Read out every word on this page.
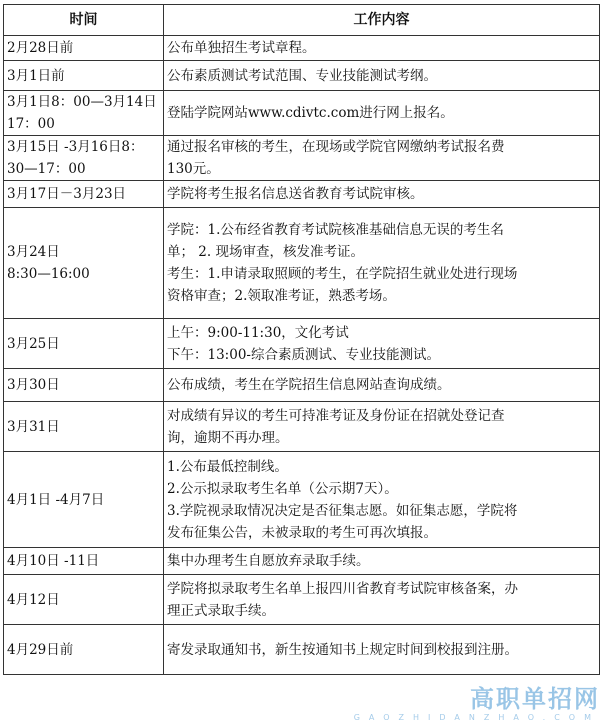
时间	工作内容
2月28日前	公布单独招生考试章程。

3月1日前	公布素质测试考试范围、专业技能测试考纲。

3月1日8：00—3月14日
17：00	登陆学院网站www.cdivtc.com进行网上报名。

3月15日 -3月16日8：
30—17：00	通过报名审核的考生，在现场或学院官网缴纳考试报名费
130元。

3月17日－3月23日	学院将考生报名信息送省教育考试院审核。

3月24日
8:30—16:00	学院：1.公布经省教育考试院核准基础信息无误的考生名
单； 2. 现场审查，核发准考证。
考生：1.申请录取照顾的考生，在学院招生就业处进行现场
资格审查；2.领取准考证，熟悉考场。

3月25日	上午：9:00-11:30，文化考试
下午：13:00-综合素质测试、专业技能测试。

3月30日	公布成绩，考生在学院招生信息网站查询成绩。

3月31日	对成绩有异议的考生可持准考证及身份证在招就处登记查
询，逾期不再办理。

4月1日 -4月7日	1.公布最低控制线。
2.公示拟录取考生名单（公示期7天）。
3.学院视录取情况决定是否征集志愿。如征集志愿，学院将
发布征集公告，未被录取的考生可再次填报。

4月10日 -11日	集中办理考生自愿放弃录取手续。

4月12日	学院将拟录取考生名单上报四川省教育考试院审核备案，办
理正式录取手续。

4月29日前	寄发录取通知书，新生按通知书上规定时间到校报到注册。
高职单招网
GAOZHIDANZHAO.COM
